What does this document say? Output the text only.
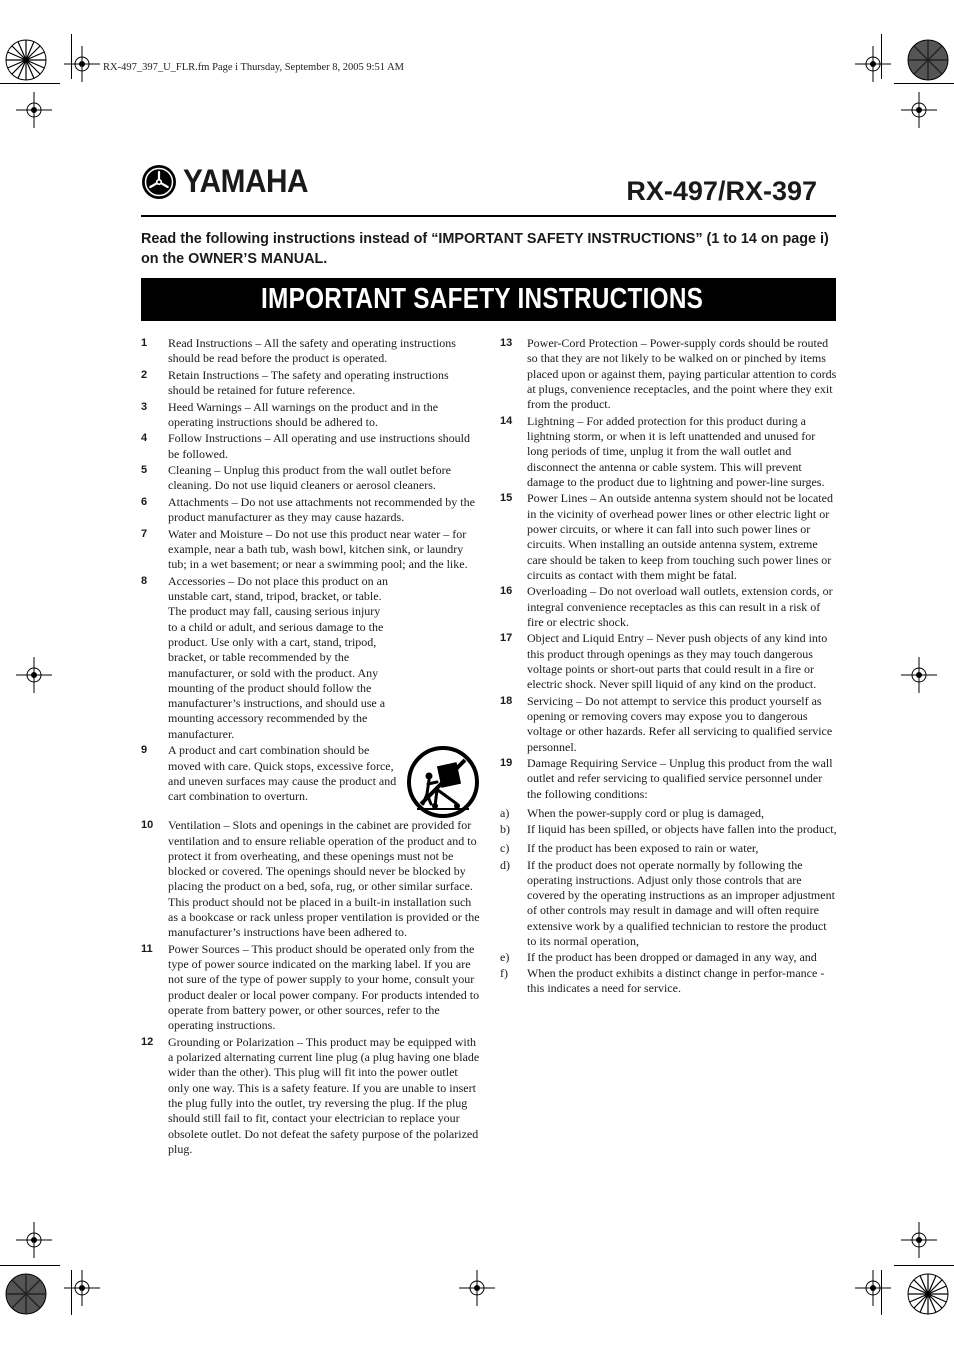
RX-497_397_U_FLR.fm Page i Thursday, September 8, 2005 9:51 AM
YAMAHA	RX-497/RX-397
Read the following instructions instead of “IMPORTANT SAFETY INSTRUCTIONS” (1 to 14 on page i) on the OWNER’S MANUAL.
IMPORTANT SAFETY INSTRUCTIONS
1 Read Instructions – All the safety and operating instructions should be read before the product is operated.
2 Retain Instructions – The safety and operating instructions should be retained for future reference.
3 Heed Warnings – All warnings on the product and in the operating instructions should be adhered to.
4 Follow Instructions – All operating and use instructions should be followed.
5 Cleaning – Unplug this product from the wall outlet before cleaning. Do not use liquid cleaners or aerosol cleaners.
6 Attachments – Do not use attachments not recommended by the product manufacturer as they may cause hazards.
7 Water and Moisture – Do not use this product near water – for example, near a bath tub, wash bowl, kitchen sink, or laundry tub; in a wet basement; or near a swimming pool; and the like.
8 Accessories – Do not place this product on an unstable cart, stand, tripod, bracket, or table. The product may fall, causing serious injury to a child or adult, and serious damage to the product. Use only with a cart, stand, tripod, bracket, or table recommended by the manufacturer, or sold with the product. Any mounting of the product should follow the manufacturer’s instructions, and should use a mounting accessory recommended by the manufacturer.
9 A product and cart combination should be moved with care. Quick stops, excessive force, and uneven surfaces may cause the product and cart combination to overturn.
10 Ventilation – Slots and openings in the cabinet are provided for ventilation and to ensure reliable operation of the product and to protect it from overheating, and these openings must not be blocked or covered. The openings should never be blocked by placing the product on a bed, sofa, rug, or other similar surface. This product should not be placed in a built-in installation such as a bookcase or rack unless proper ventilation is provided or the manufacturer’s instructions have been adhered to.
11 Power Sources – This product should be operated only from the type of power source indicated on the marking label. If you are not sure of the type of power supply to your home, consult your product dealer or local power company. For products intended to operate from battery power, or other sources, refer to the operating instructions.
12 Grounding or Polarization – This product may be equipped with a polarized alternating current line plug (a plug having one blade wider than the other). This plug will fit into the power outlet only one way. This is a safety feature. If you are unable to insert the plug fully into the outlet, try reversing the plug. If the plug should still fail to fit, contact your electrician to replace your obsolete outlet. Do not defeat the safety purpose of the polarized plug.
13 Power-Cord Protection – Power-supply cords should be routed so that they are not likely to be walked on or pinched by items placed upon or against them, paying particular attention to cords at plugs, convenience receptacles, and the point where they exit from the product.
14 Lightning – For added protection for this product during a lightning storm, or when it is left unattended and unused for long periods of time, unplug it from the wall outlet and disconnect the antenna or cable system. This will prevent damage to the product due to lightning and power-line surges.
15 Power Lines – An outside antenna system should not be located in the vicinity of overhead power lines or other electric light or power circuits, or where it can fall into such power lines or circuits. When installing an outside antenna system, extreme care should be taken to keep from touching such power lines or circuits as contact with them might be fatal.
16 Overloading – Do not overload wall outlets, extension cords, or integral convenience receptacles as this can result in a risk of fire or electric shock.
17 Object and Liquid Entry – Never push objects of any kind into this product through openings as they may touch dangerous voltage points or short-out parts that could result in a fire or electric shock. Never spill liquid of any kind on the product.
18 Servicing – Do not attempt to service this product yourself as opening or removing covers may expose you to dangerous voltage or other hazards. Refer all servicing to qualified service personnel.
19 Damage Requiring Service – Unplug this product from the wall outlet and refer servicing to qualified service personnel under the following conditions:
a) When the power-supply cord or plug is damaged,
b) If liquid has been spilled, or objects have fallen into the product,
c) If the product has been exposed to rain or water,
d) If the product does not operate normally by following the operating instructions. Adjust only those controls that are covered by the operating instructions as an improper adjustment of other controls may result in damage and will often require extensive work by a qualified technician to restore the product to its normal operation,
e) If the product has been dropped or damaged in any way, and
f) When the product exhibits a distinct change in perfor-mance - this indicates a need for service.
